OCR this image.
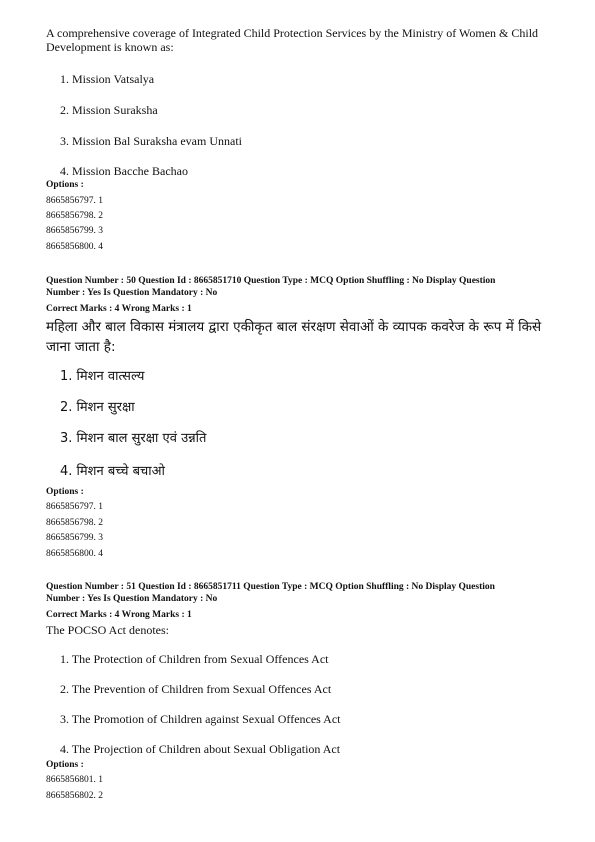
A comprehensive coverage of Integrated Child Protection Services by the Ministry of Women & Child Development is known as:
1. Mission Vatsalya
2. Mission Suraksha
3. Mission Bal Suraksha evam Unnati
4. Mission Bacche Bachao
Options :
8665856797. 1
8665856798. 2
8665856799. 3
8665856800. 4
Question Number : 50 Question Id : 8665851710 Question Type : MCQ Option Shuffling : No Display Question
Number : Yes Is Question Mandatory : No
Correct Marks : 4 Wrong Marks : 1
महिला और बाल विकास मंत्रालय द्वारा एकीकृत बाल संरक्षण सेवाओं के व्यापक कवरेज के रूप में किसे जाना जाता है:
1. मिशन वात्सल्य
2. मिशन सुरक्षा
3. मिशन बाल सुरक्षा एवं उन्नति
4. मिशन बच्चे बचाओ
Options :
8665856797. 1
8665856798. 2
8665856799. 3
8665856800. 4
Question Number : 51 Question Id : 8665851711 Question Type : MCQ Option Shuffling : No Display Question
Number : Yes Is Question Mandatory : No
Correct Marks : 4 Wrong Marks : 1
The POCSO Act denotes:
1. The Protection of Children from Sexual Offences Act
2. The Prevention of Children from Sexual Offences Act
3. The Promotion of Children against Sexual Offences Act
4. The Projection of Children about Sexual Obligation Act
Options :
8665856801. 1
8665856802. 2
